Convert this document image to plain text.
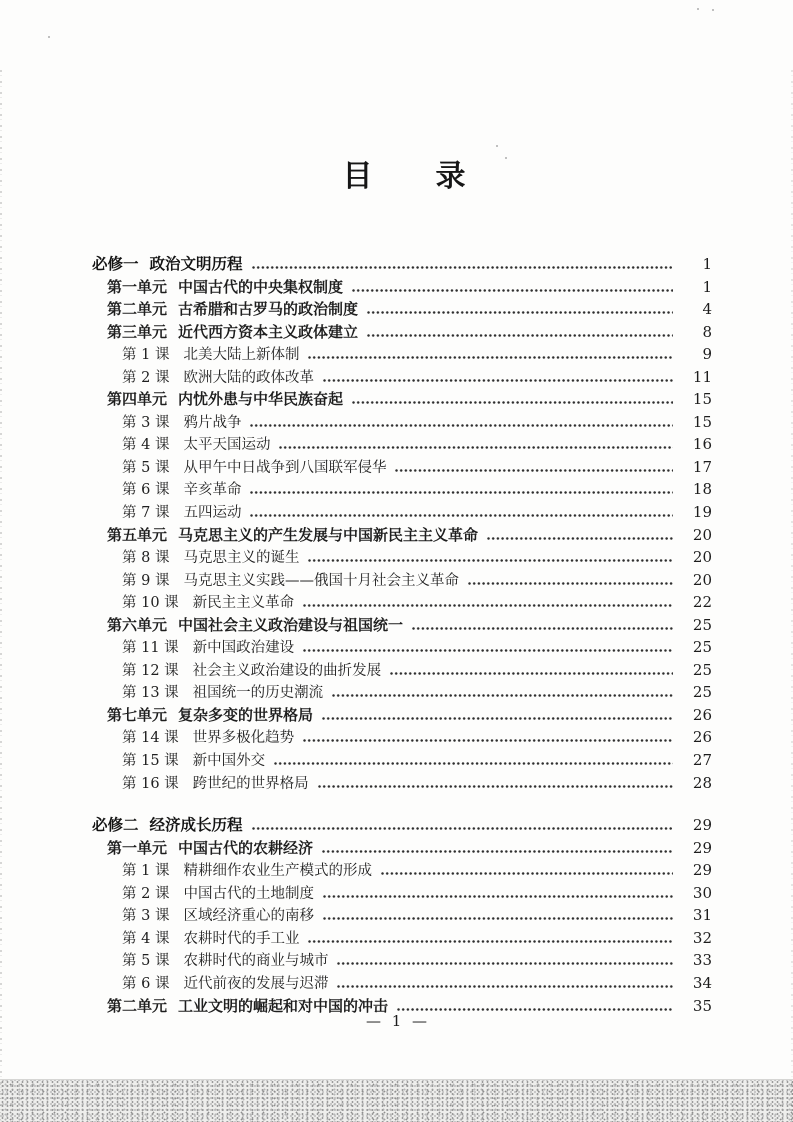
目　　录
必修一 政治文明历程	1
第一单元 中国古代的中央集权制度	1
第二单元 古希腊和古罗马的政治制度	4
第三单元 近代西方资本主义政体建立	8
第 1 课 北美大陆上新体制	9
第 2 课 欧洲大陆的政体改革	11
第四单元 内忧外患与中华民族奋起	15
第 3 课 鸦片战争	15
第 4 课 太平天国运动	16
第 5 课 从甲午中日战争到八国联军侵华	17
第 6 课 辛亥革命	18
第 7 课 五四运动	19
第五单元 马克思主义的产生发展与中国新民主主义革命	20
第 8 课 马克思主义的诞生	20
第 9 课 马克思主义实践——俄国十月社会主义革命	20
第 10 课 新民主主义革命	22
第六单元 中国社会主义政治建设与祖国统一	25
第 11 课 新中国政治建设	25
第 12 课 社会主义政治建设的曲折发展	25
第 13 课 祖国统一的历史潮流	25
第七单元 复杂多变的世界格局	26
第 14 课 世界多极化趋势	26
第 15 课 新中国外交	27
第 16 课 跨世纪的世界格局	28
必修二 经济成长历程	29
第一单元 中国古代的农耕经济	29
第 1 课 精耕细作农业生产模式的形成	29
第 2 课 中国古代的土地制度	30
第 3 课 区域经济重心的南移	31
第 4 课 农耕时代的手工业	32
第 5 课 农耕时代的商业与城市	33
第 6 课 近代前夜的发展与迟滞	34
第二单元 工业文明的崛起和对中国的冲击	35
— 1 —
